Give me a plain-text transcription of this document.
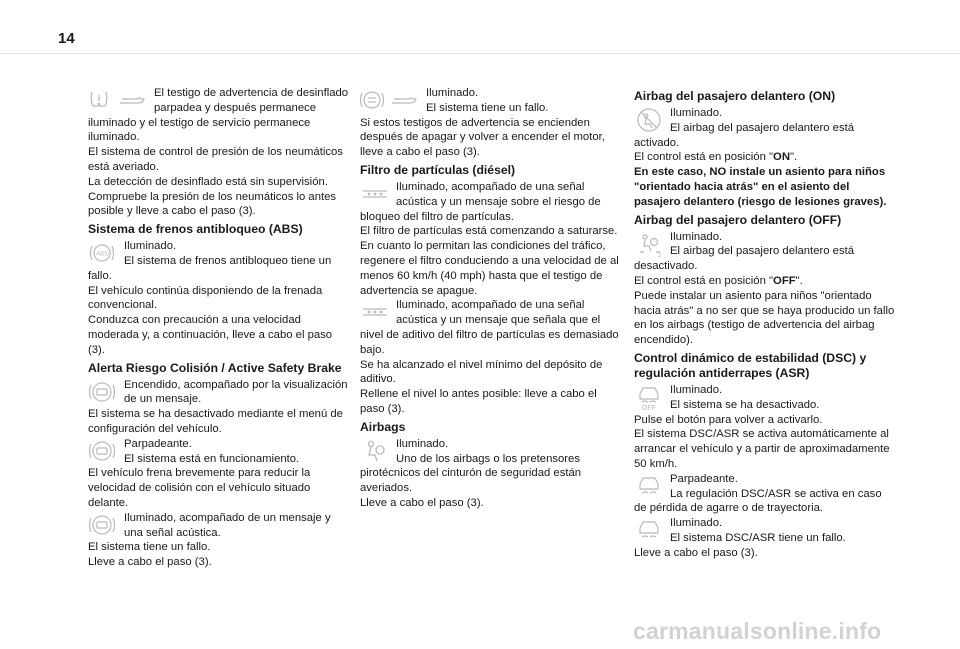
14
El testigo de advertencia de desinflado parpadea y después permanece iluminado y el testigo de servicio permanece iluminado.
El sistema de control de presión de los neumáticos está averiado.
La detección de desinflado está sin supervisión.
Compruebe la presión de los neumáticos lo antes posible y lleve a cabo el paso (3).
Sistema de frenos antibloqueo (ABS)
ABS
Iluminado.
El sistema de frenos antibloqueo tiene un fallo.
El vehículo continúa disponiendo de la frenada convencional.
Conduzca con precaución a una velocidad moderada y, a continuación, lleve a cabo el paso (3).
Alerta Riesgo Colisión / Active Safety Brake
Encendido, acompañado por la visualización de un mensaje.
El sistema se ha desactivado mediante el menú de configuración del vehículo.
Parpadeante.
El sistema está en funcionamiento.
El vehículo frena brevemente para reducir la velocidad de colisión con el vehículo situado delante.
Iluminado, acompañado de un mensaje y una señal acústica.
El sistema tiene un fallo.
Lleve a cabo el paso (3).
Iluminado.
El sistema tiene un fallo.
Si estos testigos de advertencia se encienden después de apagar y volver a encender el motor, lleve a cabo el paso (3).
Filtro de partículas (diésel)
Iluminado, acompañado de una señal acústica y un mensaje sobre el riesgo de bloqueo del filtro de partículas.
El filtro de partículas está comenzando a saturarse.
En cuanto lo permitan las condiciones del tráfico, regenere el filtro conduciendo a una velocidad de al menos 60 km/h (40 mph) hasta que el testigo de advertencia se apague.
Iluminado, acompañado de una señal acústica y un mensaje que señala que el nivel de aditivo del filtro de partículas es demasiado bajo.
Se ha alcanzado el nivel mínimo del depósito de aditivo.
Rellene el nivel lo antes posible: lleve a cabo el paso (3).
Airbags
Iluminado.
Uno de los airbags o los pretensores pirotécnicos del cinturón de seguridad están averiados.
Lleve a cabo el paso (3).
Airbag del pasajero delantero (ON)
Iluminado.
El airbag del pasajero delantero está activado.
El control está en posición "ON".
En este caso, NO instale un asiento para niños "orientado hacia atrás" en el asiento del pasajero delantero (riesgo de lesiones graves).
Airbag del pasajero delantero (OFF)
2
Iluminado.
El airbag del pasajero delantero está desactivado.
El control está en posición "OFF".
Puede instalar un asiento para niños "orientado hacia atrás" a no ser que se haya producido un fallo en los airbags (testigo de advertencia del airbag encendido).
Control dinámico de estabilidad (DSC) y regulación antiderrapes (ASR)
OFF
Iluminado.
El sistema se ha desactivado.
Pulse el botón para volver a activarlo.
El sistema DSC/ASR se activa automáticamente al arrancar el vehículo y a partir de aproximadamente 50 km/h.
Parpadeante.
La regulación DSC/ASR se activa en caso de pérdida de agarre o de trayectoria.
Iluminado.
El sistema DSC/ASR tiene un fallo.
Lleve a cabo el paso (3).
carmanualsonline.info
